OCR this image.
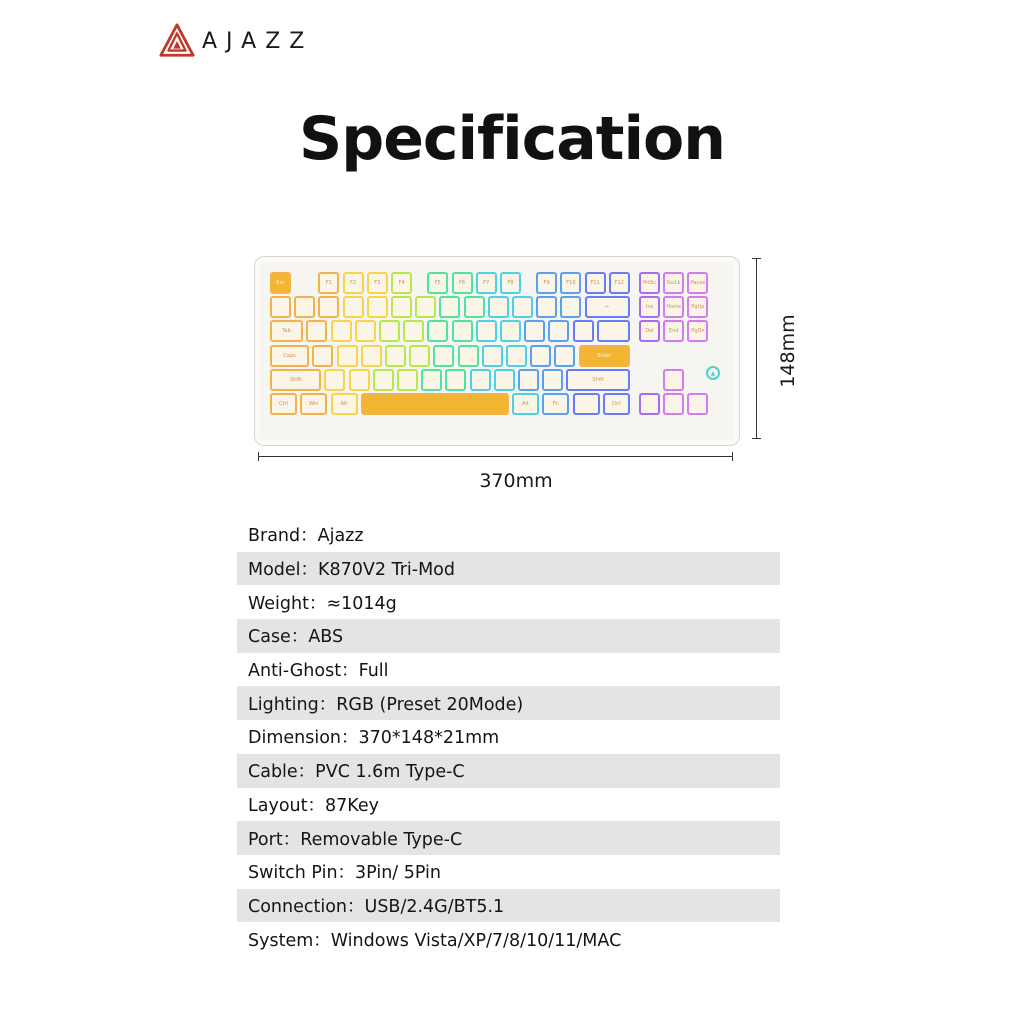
AJAZZ
Specification
▲
Esc	F1	F2	F3	F4	F5	F6	F7	F8	F9	F10	F11	F12	PrtSc	ScrLk	Pause
←	Ins	Home	PgUp
Tab	Del	End	PgDn
Caps	Enter
Shift	Shift
Ctrl	Win	Alt	Alt	Fn	Ctrl
370mm
148mm
Brand：Ajazz
Model：K870V2 Tri-Mod
Weight：≈1014g
Case：ABS
Anti-Ghost：Full
Lighting：RGB (Preset 20Mode)
Dimension：370*148*21mm
Cable：PVC 1.6m Type-C
Layout：87Key
Port：Removable Type-C
Switch Pin：3Pin/ 5Pin
Connection：USB/2.4G/BT5.1
System：Windows Vista/XP/7/8/10/11/MAC
